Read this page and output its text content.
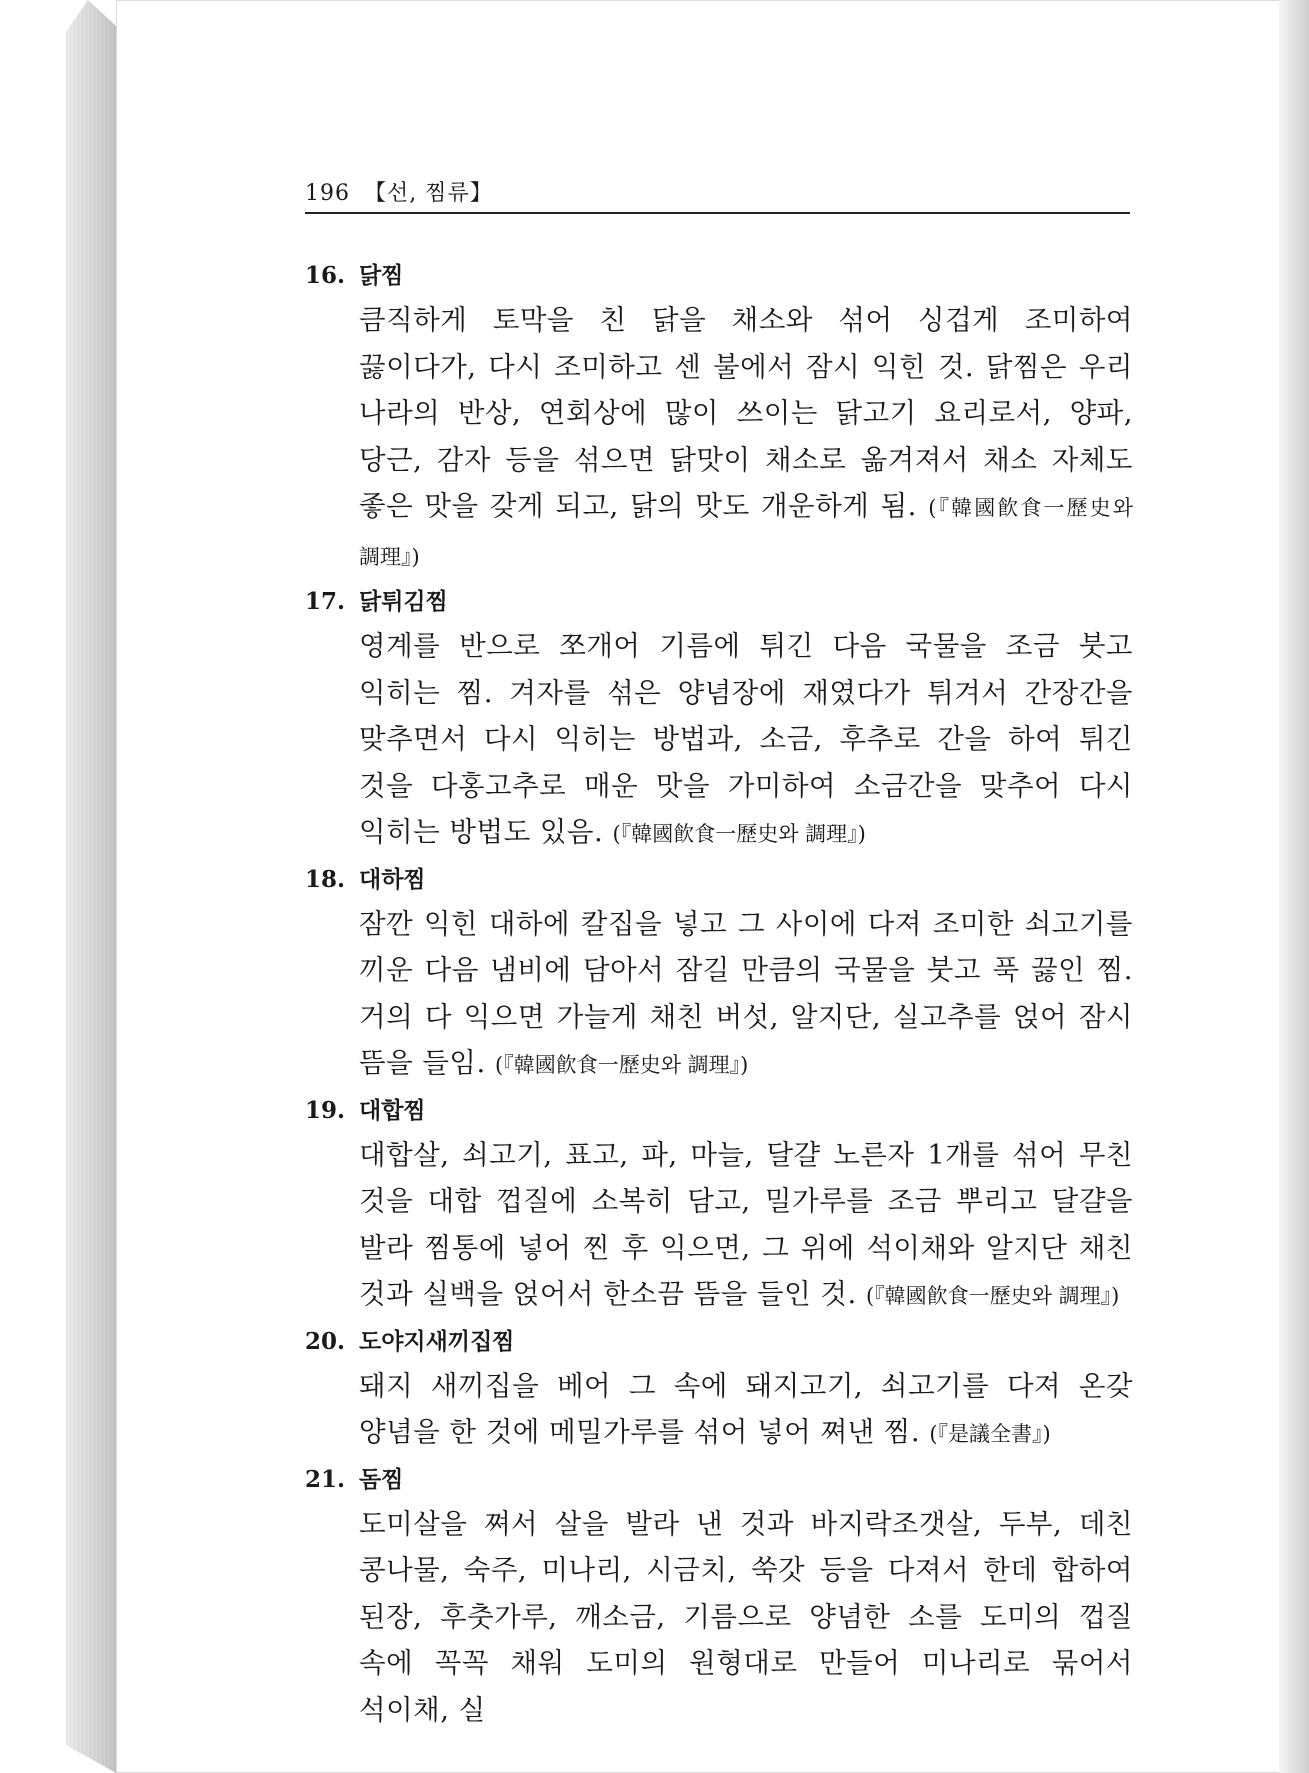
196 【선, 찜류】
16. 닭찜
큼직하게 토막을 친 닭을 채소와 섞어 싱겁게 조미하여 끓이다가, 다시 조미하고 센 불에서 잠시 익힌 것. 닭찜은 우리 나라의 반상, 연회상에 많이 쓰이는 닭고기 요리로서, 양파, 당근, 감자 등을 섞으면 닭맛이 채소로 옮겨져서 채소 자체도 좋은 맛을 갖게 되고, 닭의 맛도 개운하게 됨. (『韓國飮食一歷史와 調理』)
17. 닭튀김찜
영계를 반으로 쪼개어 기름에 튀긴 다음 국물을 조금 붓고 익히는 찜. 겨자를 섞은 양념장에 재였다가 튀겨서 간장간을 맞추면서 다시 익히는 방법과, 소금, 후추로 간을 하여 튀긴 것을 다홍고추로 매운 맛을 가미하여 소금간을 맞추어 다시 익히는 방법도 있음. (『韓國飮食一歷史와 調理』)
18. 대하찜
잠깐 익힌 대하에 칼집을 넣고 그 사이에 다져 조미한 쇠고기를 끼운 다음 냄비에 담아서 잠길 만큼의 국물을 붓고 푹 끓인 찜. 거의 다 익으면 가늘게 채친 버섯, 알지단, 실고추를 얹어 잠시 뜸을 들임. (『韓國飮食一歷史와 調理』)
19. 대합찜
대합살, 쇠고기, 표고, 파, 마늘, 달걀 노른자 1개를 섞어 무친 것을 대합 껍질에 소복히 담고, 밀가루를 조금 뿌리고 달걀을 발라 찜통에 넣어 찐 후 익으면, 그 위에 석이채와 알지단 채친 것과 실백을 얹어서 한소끔 뜸을 들인 것. (『韓國飮食一歷史와 調理』)
20. 도야지새끼집찜
돼지 새끼집을 베어 그 속에 돼지고기, 쇠고기를 다져 온갖 양념을 한 것에 메밀가루를 섞어 넣어 쪄낸 찜. (『是議全書』)
21. 돔찜
도미살을 쪄서 살을 발라 낸 것과 바지락조갯살, 두부, 데친 콩나물, 숙주, 미나리, 시금치, 쑥갓 등을 다져서 한데 합하여 된장, 후춧가루, 깨소금, 기름으로 양념한 소를 도미의 껍질 속에 꼭꼭 채워 도미의 원형대로 만들어 미나리로 묶어서 석이채, 실
